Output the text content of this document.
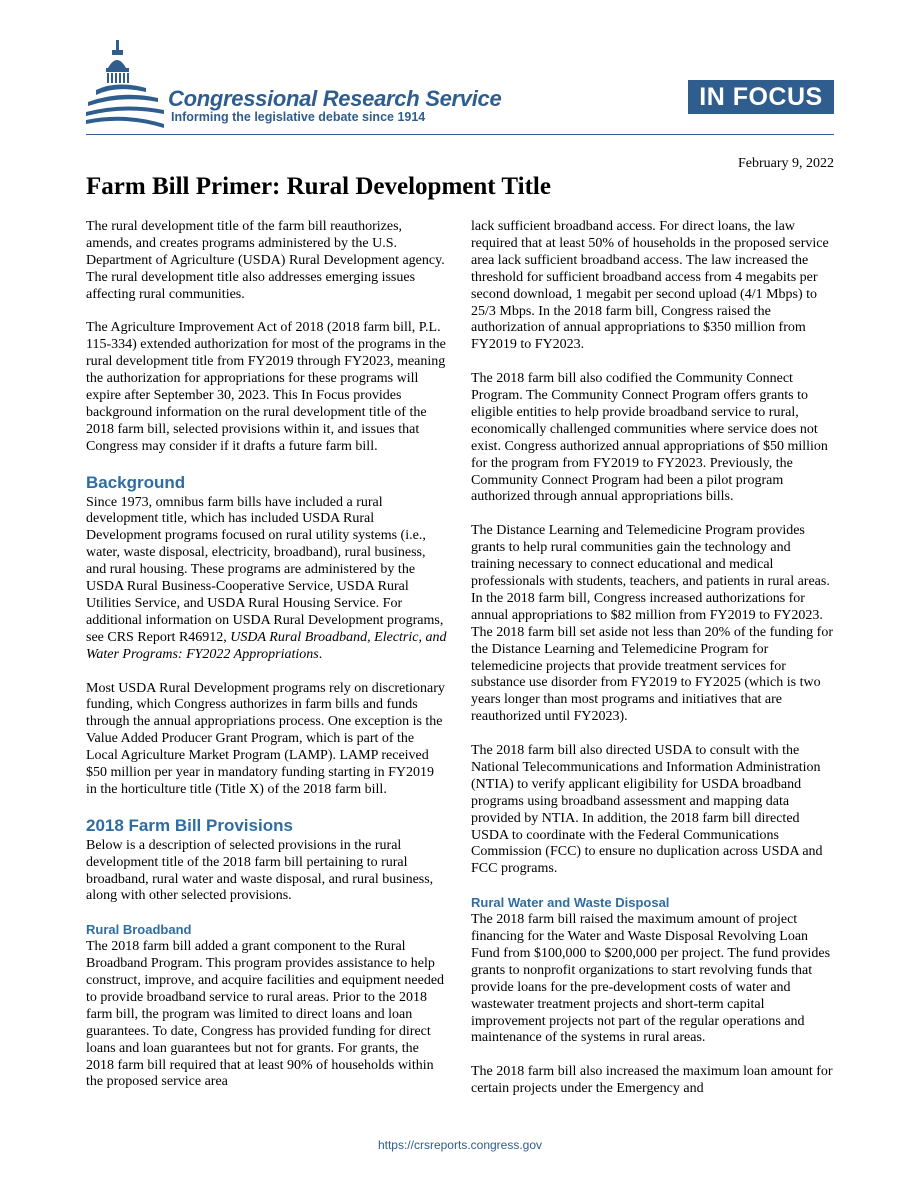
Congressional Research Service
Informing the legislative debate since 1914
IN FOCUS
February 9, 2022
Farm Bill Primer: Rural Development Title

The rural development title of the farm bill reauthorizes, amends, and creates programs administered by the U.S. Department of Agriculture (USDA) Rural Development agency. The rural development title also addresses emerging issues affecting rural communities.

The Agriculture Improvement Act of 2018 (2018 farm bill, P.L. 115-334) extended authorization for most of the programs in the rural development title from FY2019 through FY2023, meaning the authorization for appropriations for these programs will expire after September 30, 2023. This In Focus provides background information on the rural development title of the 2018 farm bill, selected provisions within it, and issues that Congress may consider if it drafts a future farm bill.

Background

Since 1973, omnibus farm bills have included a rural development title, which has included USDA Rural Development programs focused on rural utility systems (i.e., water, waste disposal, electricity, broadband), rural business, and rural housing. These programs are administered by the USDA Rural Business-Cooperative Service, USDA Rural Utilities Service, and USDA Rural Housing Service. For additional information on USDA Rural Development programs, see CRS Report R46912, USDA Rural Broadband, Electric, and Water Programs: FY2022 Appropriations.

Most USDA Rural Development programs rely on discretionary funding, which Congress authorizes in farm bills and funds through the annual appropriations process. One exception is the Value Added Producer Grant Program, which is part of the Local Agriculture Market Program (LAMP). LAMP received $50 million per year in mandatory funding starting in FY2019 in the horticulture title (Title X) of the 2018 farm bill.

2018 Farm Bill Provisions

Below is a description of selected provisions in the rural development title of the 2018 farm bill pertaining to rural broadband, rural water and waste disposal, and rural business, along with other selected provisions.

Rural Broadband

The 2018 farm bill added a grant component to the Rural Broadband Program. This program provides assistance to help construct, improve, and acquire facilities and equipment needed to provide broadband service to rural areas. Prior to the 2018 farm bill, the program was limited to direct loans and loan guarantees. To date, Congress has provided funding for direct loans and loan guarantees but not for grants. For grants, the 2018 farm bill required that at least 90% of households within the proposed service area

lack sufficient broadband access. For direct loans, the law required that at least 50% of households in the proposed service area lack sufficient broadband access. The law increased the threshold for sufficient broadband access from 4 megabits per second download, 1 megabit per second upload (4/1 Mbps) to 25/3 Mbps. In the 2018 farm bill, Congress raised the authorization of annual appropriations to $350 million from FY2019 to FY2023.

The 2018 farm bill also codified the Community Connect Program. The Community Connect Program offers grants to eligible entities to help provide broadband service to rural, economically challenged communities where service does not exist. Congress authorized annual appropriations of $50 million for the program from FY2019 to FY2023. Previously, the Community Connect Program had been a pilot program authorized through annual appropriations bills.

The Distance Learning and Telemedicine Program provides grants to help rural communities gain the technology and training necessary to connect educational and medical professionals with students, teachers, and patients in rural areas. In the 2018 farm bill, Congress increased authorizations for annual appropriations to $82 million from FY2019 to FY2023. The 2018 farm bill set aside not less than 20% of the funding for the Distance Learning and Telemedicine Program for telemedicine projects that provide treatment services for substance use disorder from FY2019 to FY2025 (which is two years longer than most programs and initiatives that are reauthorized until FY2023).

The 2018 farm bill also directed USDA to consult with the National Telecommunications and Information Administration (NTIA) to verify applicant eligibility for USDA broadband programs using broadband assessment and mapping data provided by NTIA. In addition, the 2018 farm bill directed USDA to coordinate with the Federal Communications Commission (FCC) to ensure no duplication across USDA and FCC programs.

Rural Water and Waste Disposal

The 2018 farm bill raised the maximum amount of project financing for the Water and Waste Disposal Revolving Loan Fund from $100,000 to $200,000 per project. The fund provides grants to nonprofit organizations to start revolving funds that provide loans for the pre-development costs of water and wastewater treatment projects and short-term capital improvement projects not part of the regular operations and maintenance of the systems in rural areas.

The 2018 farm bill also increased the maximum loan amount for certain projects under the Emergency and

https://crsreports.congress.gov
